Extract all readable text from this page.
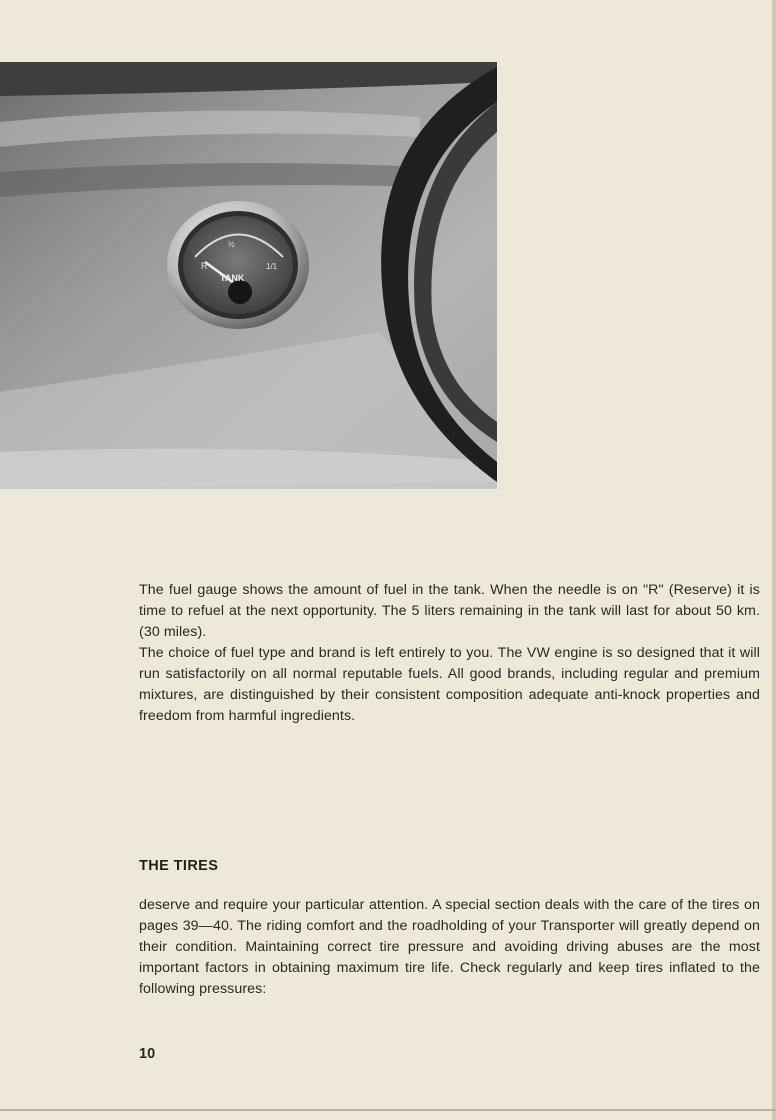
R
½
1/1
TANK

The fuel gauge shows the amount of fuel in the tank. When the needle is on "R" (Reserve) it is time to refuel at the next opportunity. The 5 liters remaining in the tank will last for about 50 km. (30 miles).

The choice of fuel type and brand is left entirely to you. The VW engine is so designed that it will run satisfactorily on all normal reputable fuels. All good brands, including regular and premium mixtures, are distinguished by their consistent composition adequate anti-knock properties and freedom from harmful ingredients.

THE TIRES

deserve and require your particular attention. A special section deals with the care of the tires on pages 39—40. The riding comfort and the roadholding of your Transporter will greatly depend on their condition. Maintaining correct tire pressure and avoiding driving abuses are the most important factors in obtaining maximum tire life. Check regularly and keep tires inflated to the following pressures:

10
